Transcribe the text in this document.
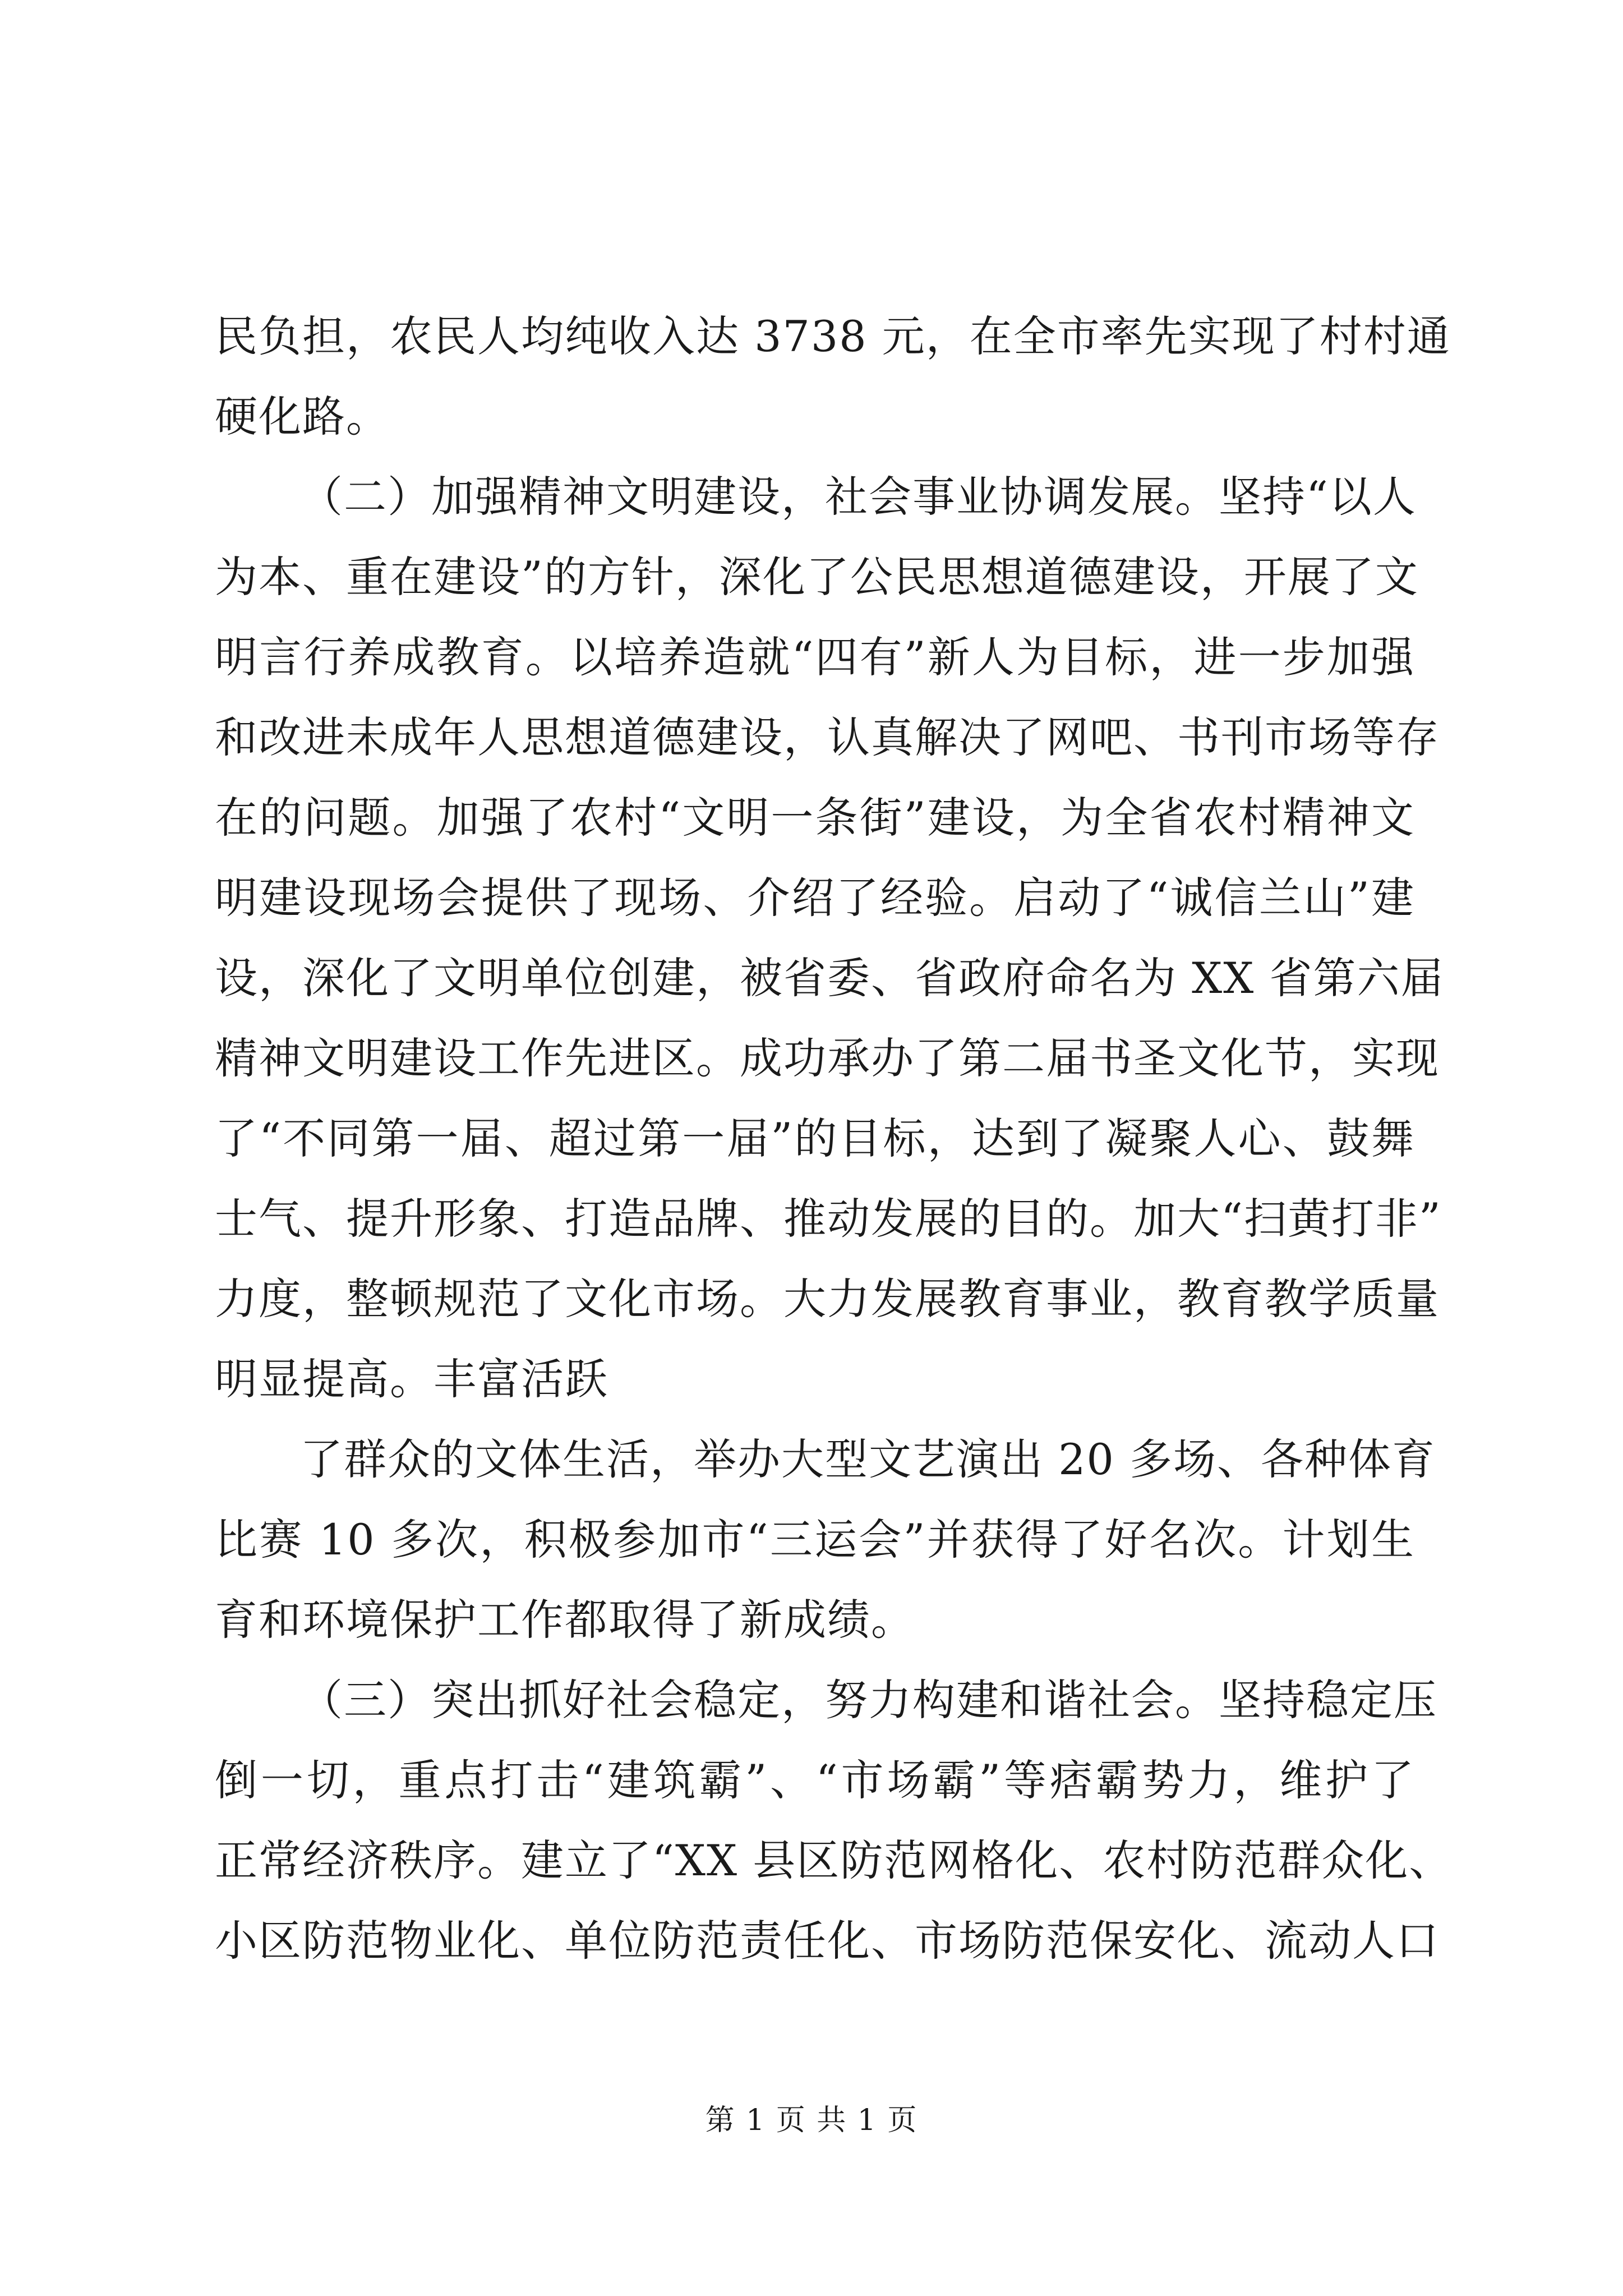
民负担，农民人均纯收入达 3738 元，在全市率先实现了村村通
硬化路。
（二）加强精神文明建设，社会事业协调发展。坚持“以人
为本、重在建设”的方针，深化了公民思想道德建设，开展了文
明言行养成教育。以培养造就“四有”新人为目标，进一步加强
和改进未成年人思想道德建设，认真解决了网吧、书刊市场等存
在的问题。加强了农村“文明一条街”建设，为全省农村精神文
明建设现场会提供了现场、介绍了经验。启动了“诚信兰山”建
设，深化了文明单位创建，被省委、省政府命名为 XX 省第六届
精神文明建设工作先进区。成功承办了第二届书圣文化节，实现
了“不同第一届、超过第一届”的目标，达到了凝聚人心、鼓舞
士气、提升形象、打造品牌、推动发展的目的。加大“扫黄打非”
力度，整顿规范了文化市场。大力发展教育事业，教育教学质量
明显提高。丰富活跃
了群众的文体生活，举办大型文艺演出 20 多场、各种体育
比赛 10 多次，积极参加市“三运会”并获得了好名次。计划生
育和环境保护工作都取得了新成绩。
（三）突出抓好社会稳定，努力构建和谐社会。坚持稳定压
倒一切，重点打击“建筑霸”、“市场霸”等痞霸势力，维护了
正常经济秩序。建立了“XX 县区防范网格化、农村防范群众化、
小区防范物业化、单位防范责任化、市场防范保安化、流动人口
第 1 页 共 1 页
